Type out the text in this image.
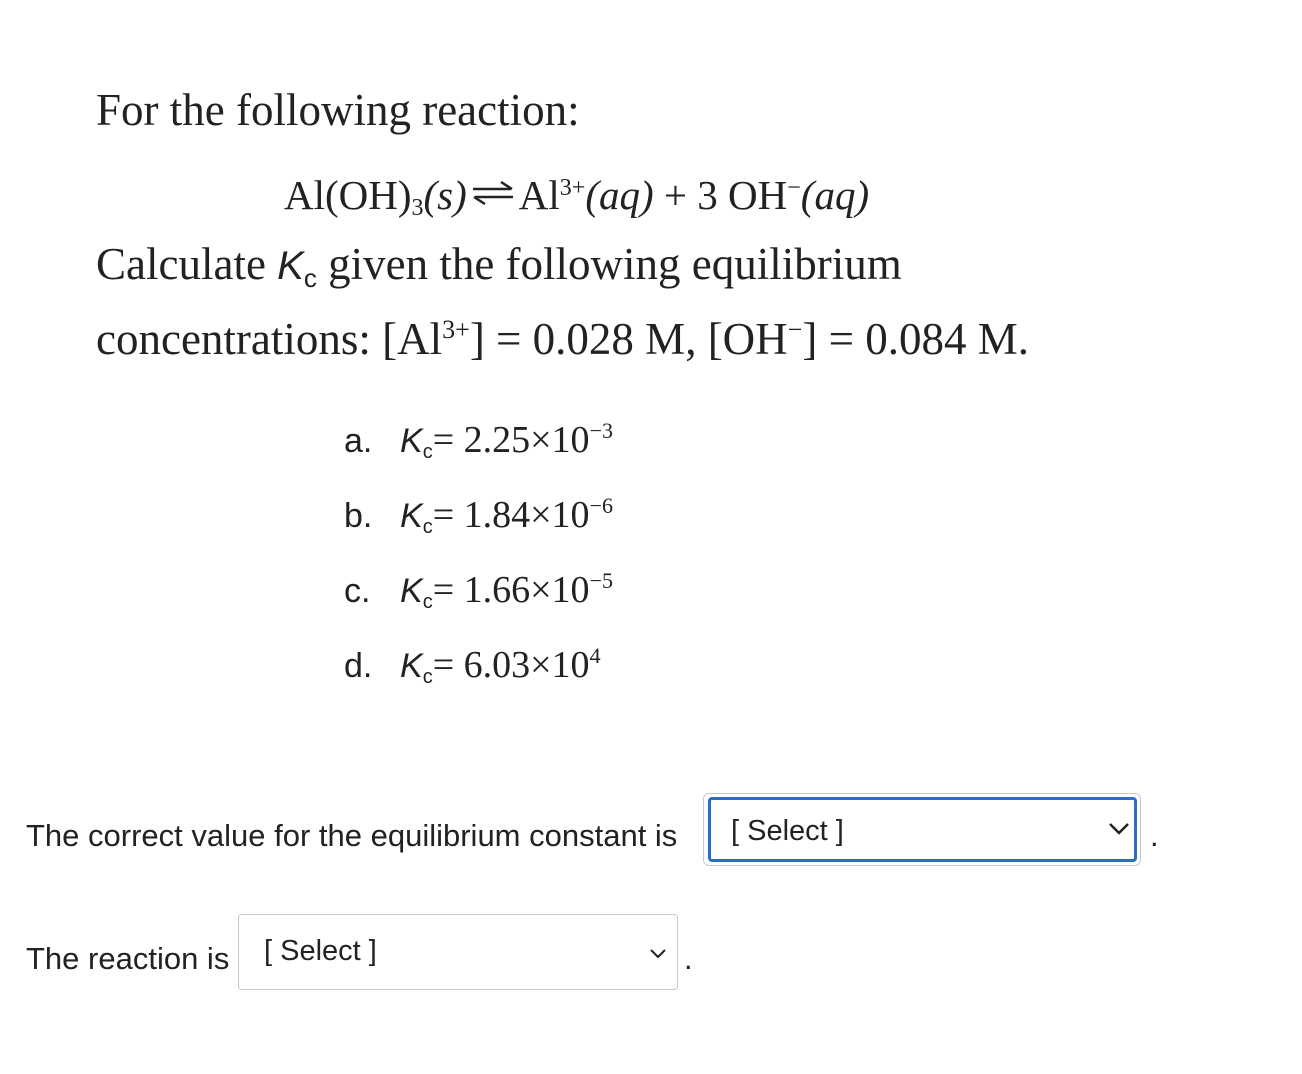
For the following reaction:
$Al(OH)_3(s)$ ⇌ $Al^{3+}(aq) + 3$ OH−(aq)
Calculate $K_c$ given the following equilibrium
concentrations: $[Al^{3+}] = 0.028$ M, [OH−] = 0.084 M.
a. $K_c= 2.25\times 10^{-3}$
b. $K_c= 1.84\times 10^{-6}$
c. $K_c= 1.66\times 10^{-5}$
d. $K_c= 6.03\times 10^4$
The correct value for the equilibrium constant is [ Select ]	.
The reaction is [ Select ]	.
